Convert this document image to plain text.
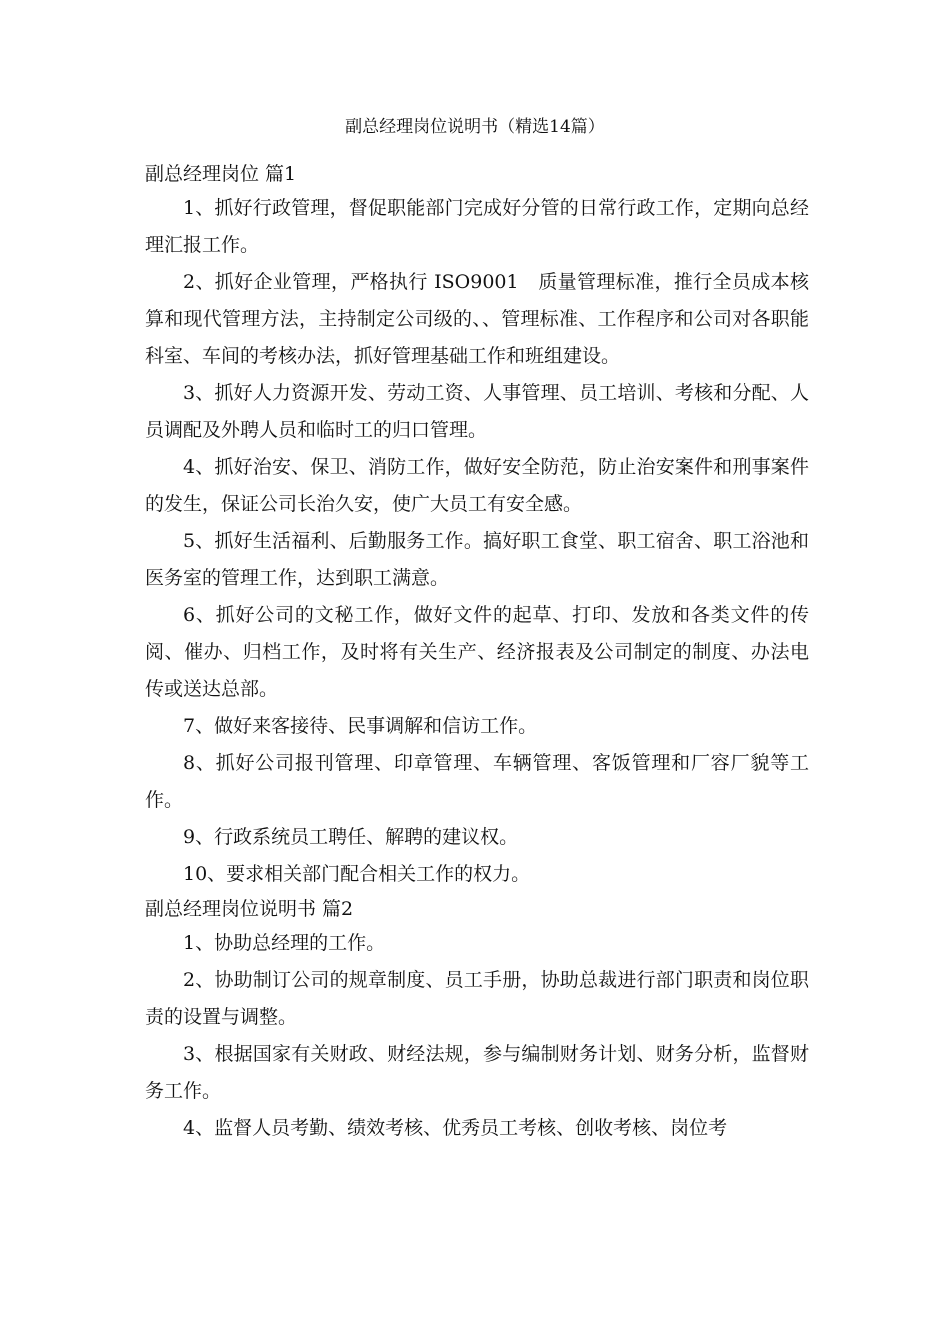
副总经理岗位说明书（精选14篇）
副总经理岗位 篇1

1、抓好行政管理，督促职能部门完成好分管的日常行政工作，定期向总经理汇报工作。

2、抓好企业管理，严格执行 ISO9001　质量管理标准，推行全员成本核算和现代管理方法，主持制定公司级的、、管理标准、工作程序和公司对各职能科室、车间的考核办法，抓好管理基础工作和班组建设。

3、抓好人力资源开发、劳动工资、人事管理、员工培训、考核和分配、人员调配及外聘人员和临时工的归口管理。

4、抓好治安、保卫、消防工作，做好安全防范，防止治安案件和刑事案件的发生，保证公司长治久安，使广大员工有安全感。

5、抓好生活福利、后勤服务工作。搞好职工食堂、职工宿舍、职工浴池和医务室的管理工作，达到职工满意。

6、抓好公司的文秘工作，做好文件的起草、打印、发放和各类文件的传阅、催办、归档工作，及时将有关生产、经济报表及公司制定的制度、办法电传或送达总部。

7、做好来客接待、民事调解和信访工作。

8、抓好公司报刊管理、印章管理、车辆管理、客饭管理和厂容厂貌等工作。

9、行政系统员工聘任、解聘的建议权。

10、要求相关部门配合相关工作的权力。

副总经理岗位说明书 篇2

1、协助总经理的工作。

2、协助制订公司的规章制度、员工手册，协助总裁进行部门职责和岗位职责的设置与调整。

3、根据国家有关财政、财经法规，参与编制财务计划、财务分析，监督财务工作。

4、监督人员考勤、绩效考核、优秀员工考核、创收考核、岗位考
